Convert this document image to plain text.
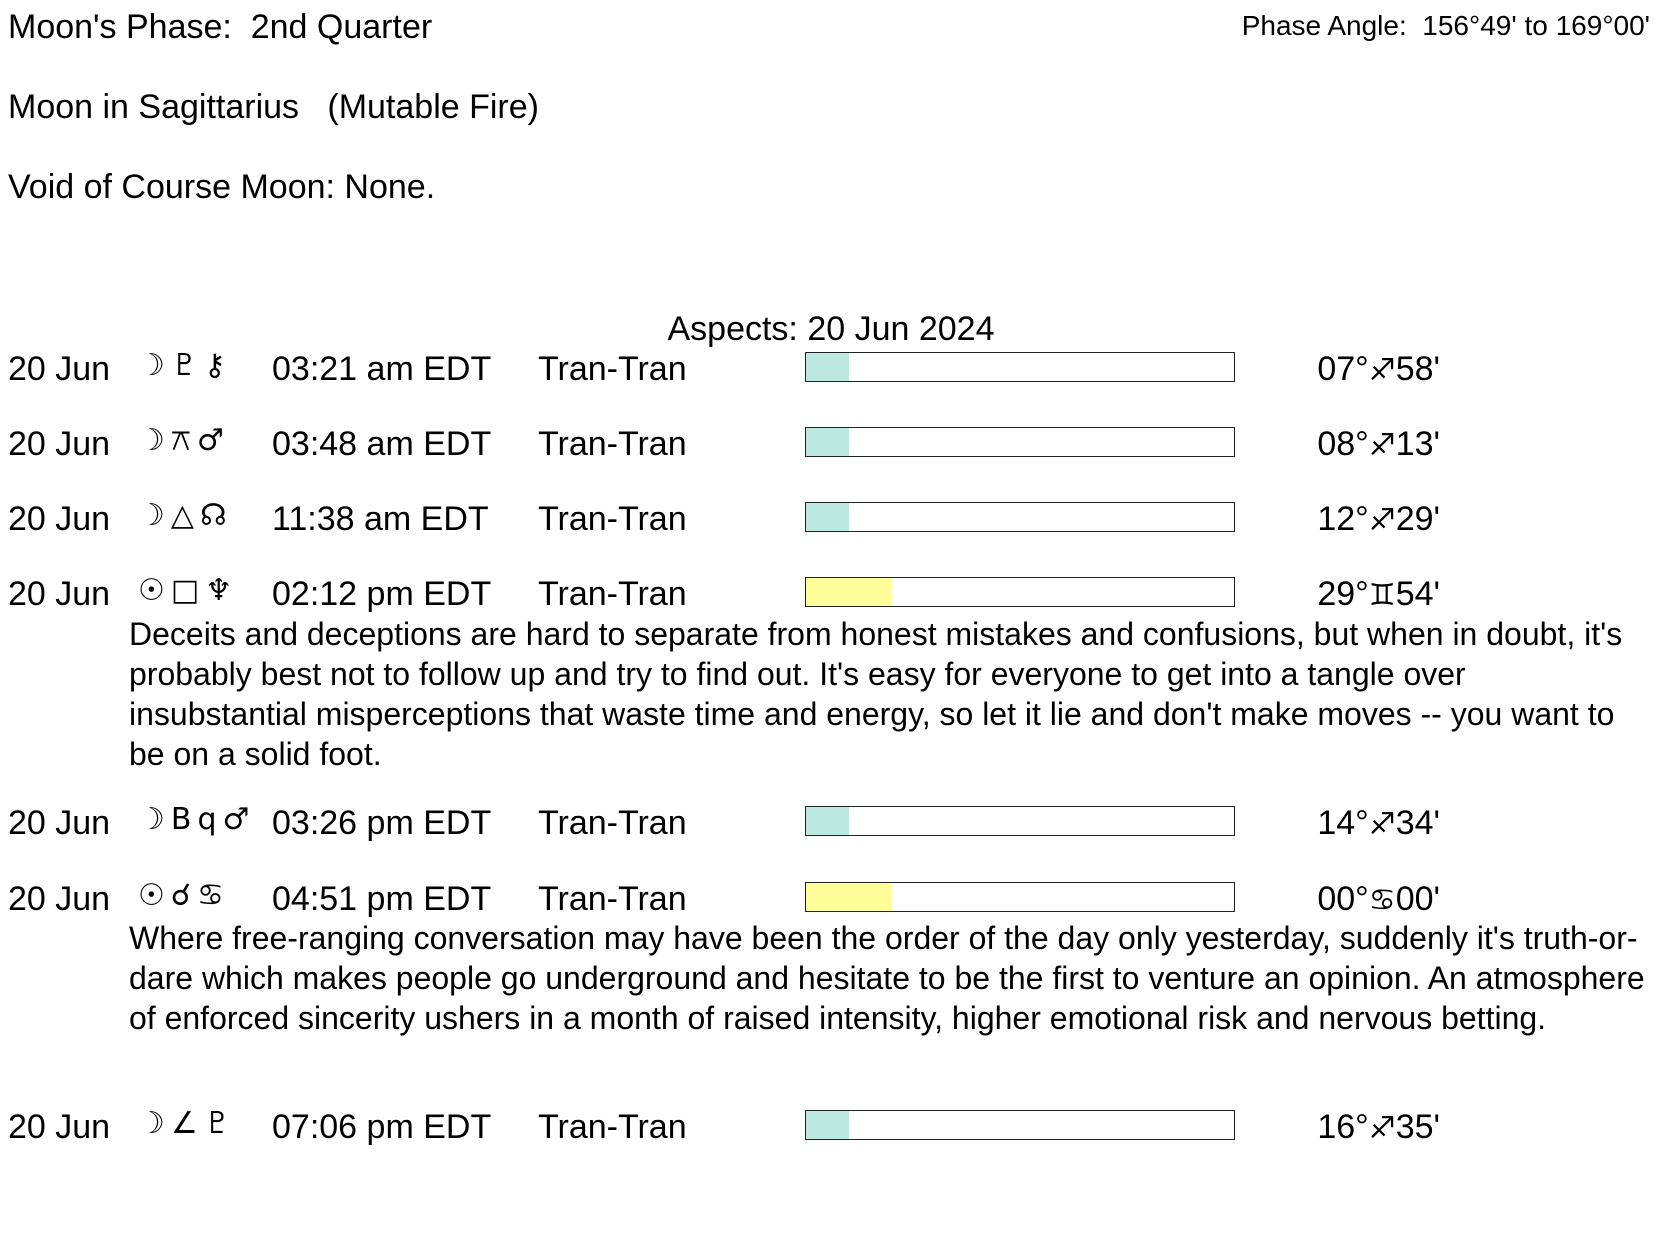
Moon's Phase:  2nd Quarter	Phase Angle:  156°49' to 169°00'
Moon in Sagittarius   (Mutable Fire)
Void of Course Moon: None.
Aspects: 20 Jun 2024
20 Jun ☽♇⚷	03:21 am EDT Tran-Tran	07°♐58'
20 Jun ☽⚻♂	03:48 am EDT Tran-Tran	08°♐13'
20 Jun ☽△☊	11:38 am EDT Tran-Tran	12°♐29'
20 Jun ☉□♆ 02:12 pm EDT Tran-Tran	29°♊54'

Deceits and deceptions are hard to separate from honest mistakes and confusions, but when in doubt, it's probably best not to follow up and try to find out. It's easy for everyone to get into a tangle over insubstantial misperceptions that waste time and energy, so let it lie and don't make moves -- you want to be on a solid foot.

20 Jun ☽Bq♂ 03:26 pm EDT Tran-Tran	14°♐34'
20 Jun ☉☌♋	04:51 pm EDT Tran-Tran	00°♋00'

Where free-ranging conversation may have been the order of the day only yesterday, suddenly it's truth-or-dare which makes people go underground and hesitate to be the first to venture an opinion. An atmosphere of enforced sincerity ushers in a month of raised intensity, higher emotional risk and nervous betting.

20 Jun ☽∠♇	07:06 pm EDT Tran-Tran	16°♐35'
